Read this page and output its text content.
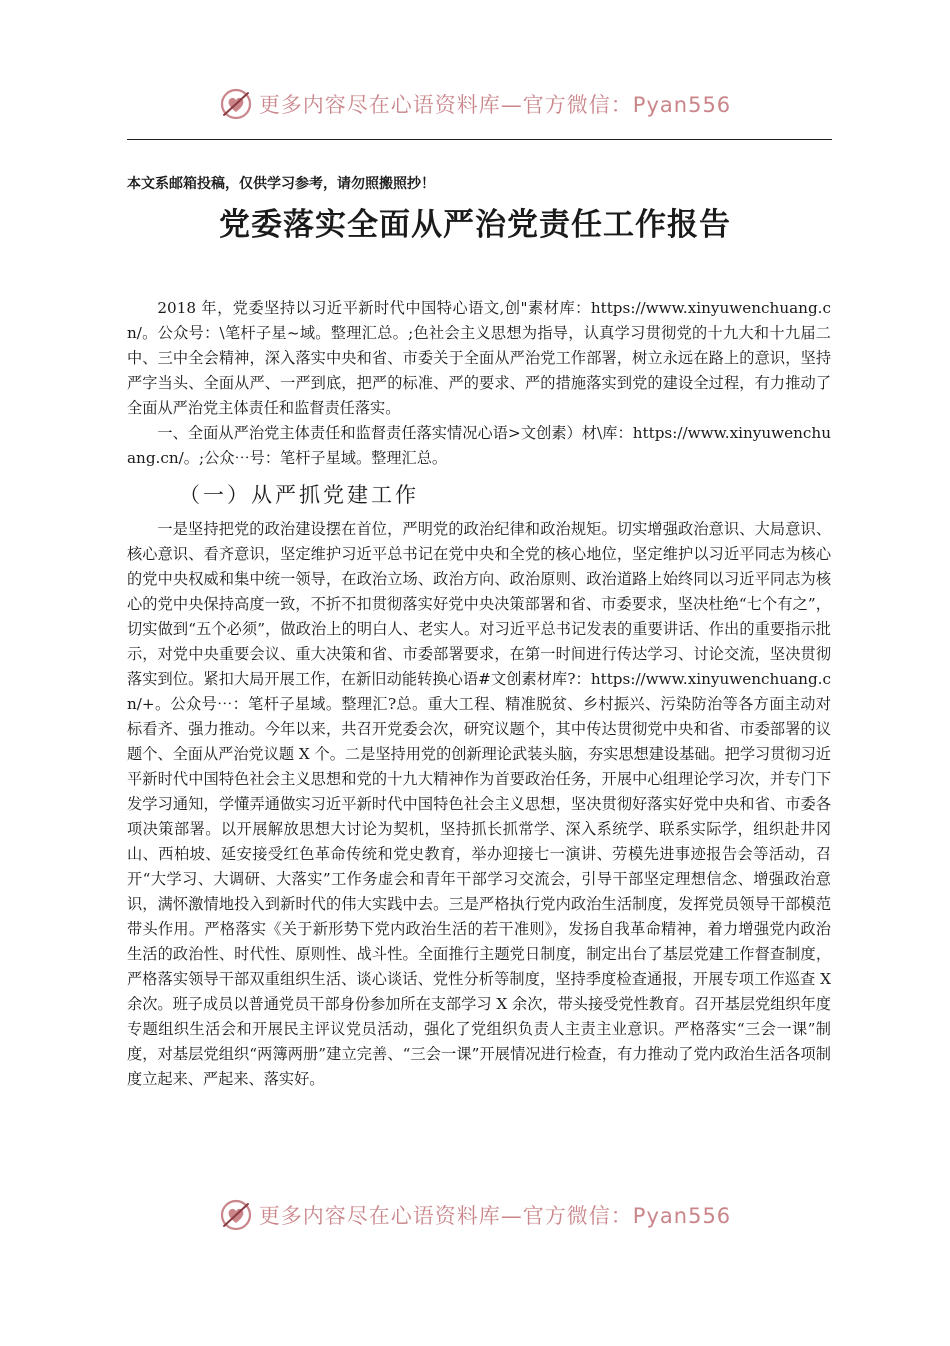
更多内容尽在心语资料库—官方微信：Pyan556
本文系邮箱投稿，仅供学习参考，请勿照搬照抄！
党委落实全面从严治党责任工作报告

2018 年，党委坚持以习近平新时代中国特心语文,创"素材库：https://www.xinyuwenchuang.cn/。公众号：\笔杆子星~域。整理汇总。;色社会主义思想为指导，认真学习贯彻党的十九大和十九届二中、三中全会精神，深入落实中央和省、市委关于全面从严治党工作部署，树立永远在路上的意识，坚持严字当头、全面从严、一严到底，把严的标准、严的要求、严的措施落实到党的建设全过程，有力推动了全面从严治党主体责任和监督责任落实。

一、全面从严治党主体责任和监督责任落实情况心语>文创素）材\库：https://www.xinyuwenchuang.cn/。;公众⋯号：笔杆子星域。整理汇总。

（一）从严抓党建工作

一是坚持把党的政治建设摆在首位，严明党的政治纪律和政治规矩。切实增强政治意识、大局意识、核心意识、看齐意识，坚定维护习近平总书记在党中央和全党的核心地位，坚定维护以习近平同志为核心的党中央权威和集中统一领导，在政治立场、政治方向、政治原则、政治道路上始终同以习近平同志为核心的党中央保持高度一致，不折不扣贯彻落实好党中央决策部署和省、市委要求，坚决杜绝“七个有之”，切实做到“五个必须”，做政治上的明白人、老实人。对习近平总书记发表的重要讲话、作出的重要指示批示，对党中央重要会议、重大决策和省、市委部署要求，在第一时间进行传达学习、讨论交流，坚决贯彻落实到位。紧扣大局开展工作，在新旧动能转换心语#文创素材库?：https://www.xinyuwenchuang.cn/+。公众号⋯：笔杆子星域。整理汇?总。重大工程、精准脱贫、乡村振兴、污染防治等各方面主动对标看齐、强力推动。今年以来，共召开党委会次，研究议题个，其中传达贯彻党中央和省、市委部署的议题个、全面从严治党议题 X 个。二是坚持用党的创新理论武装头脑，夯实思想建设基础。把学习贯彻习近平新时代中国特色社会主义思想和党的十九大精神作为首要政治任务，开展中心组理论学习次，并专门下发学习通知，学懂弄通做实习近平新时代中国特色社会主义思想，坚决贯彻好落实好党中央和省、市委各项决策部署。以开展解放思想大讨论为契机，坚持抓长抓常学、深入系统学、联系实际学，组织赴井冈山、西柏坡、延安接受红色革命传统和党史教育，举办迎接七一演讲、劳模先进事迹报告会等活动，召开“大学习、大调研、大落实”工作务虚会和青年干部学习交流会，引导干部坚定理想信念、增强政治意识，满怀激情地投入到新时代的伟大实践中去。三是严格执行党内政治生活制度，发挥党员领导干部模范带头作用。严格落实《关于新形势下党内政治生活的若干准则》，发扬自我革命精神，着力增强党内政治生活的政治性、时代性、原则性、战斗性。全面推行主题党日制度，制定出台了基层党建工作督查制度，严格落实领导干部双重组织生活、谈心谈话、党性分析等制度，坚持季度检查通报，开展专项工作巡查 X 余次。班子成员以普通党员干部身份参加所在支部学习 X 余次，带头接受党性教育。召开基层党组织年度专题组织生活会和开展民主评议党员活动，强化了党组织负责人主责主业意识。严格落实“三会一课”制度，对基层党组织“两簿两册”建立完善、“三会一课”开展情况进行检查，有力推动了党内政治生活各项制度立起来、严起来、落实好。

更多内容尽在心语资料库—官方微信：Pyan556
